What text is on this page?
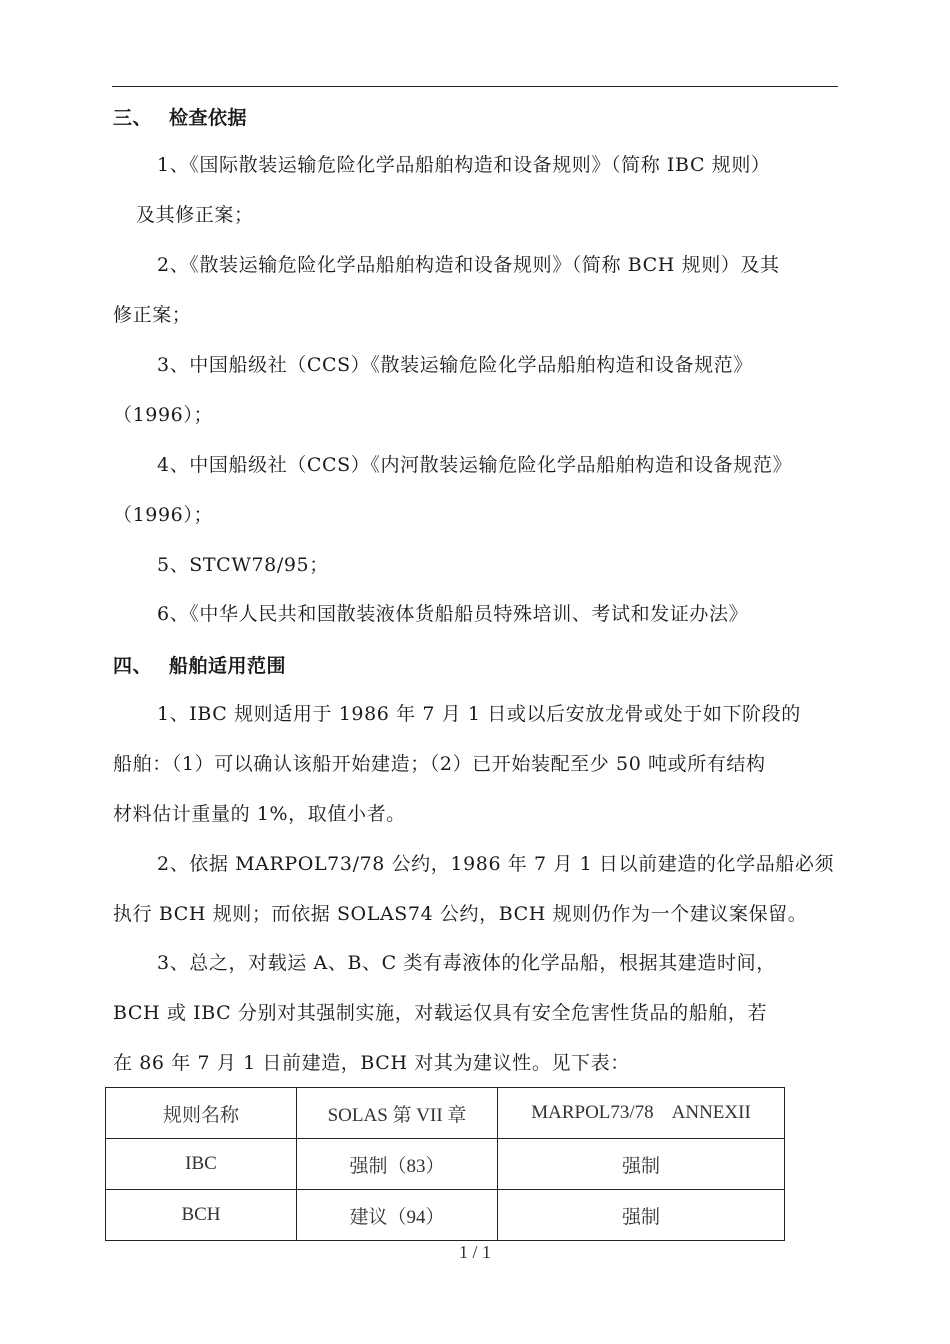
三、 检查依据
1、《国际散装运输危险化学品船舶构造和设备规则》（简称 IBC 规则）
及其修正案；
2、《散装运输危险化学品船舶构造和设备规则》（简称 BCH 规则）及其
修正案；
3、中国船级社（CCS）《散装运输危险化学品船舶构造和设备规范》
（1996）；
4、中国船级社（CCS）《内河散装运输危险化学品船舶构造和设备规范》
（1996）；
5、STCW78/95；
6、《中华人民共和国散装液体货船船员特殊培训、考试和发证办法》
四、 船舶适用范围
1、IBC 规则适用于 1986 年 7 月 1 日或以后安放龙骨或处于如下阶段的
船舶：（1）可以确认该船开始建造；（2）已开始装配至少 50 吨或所有结构
材料估计重量的 1%，取值小者。
2、依据 MARPOL73/78 公约，1986 年 7 月 1 日以前建造的化学品船必须
执行 BCH 规则；而依据 SOLAS74 公约，BCH 规则仍作为一个建议案保留。
3、总之，对载运 A、B、C 类有毒液体的化学品船，根据其建造时间，
BCH 或 IBC 分别对其强制实施，对载运仅具有安全危害性货品的船舶，若
在 86 年 7 月 1 日前建造，BCH 对其为建议性。见下表：
规则名称	SOLAS 第 VII 章	MARPOL73/78    ANNEXII
IBC	强制（83）	强制
BCH	建议（94）	强制
1 / 1
